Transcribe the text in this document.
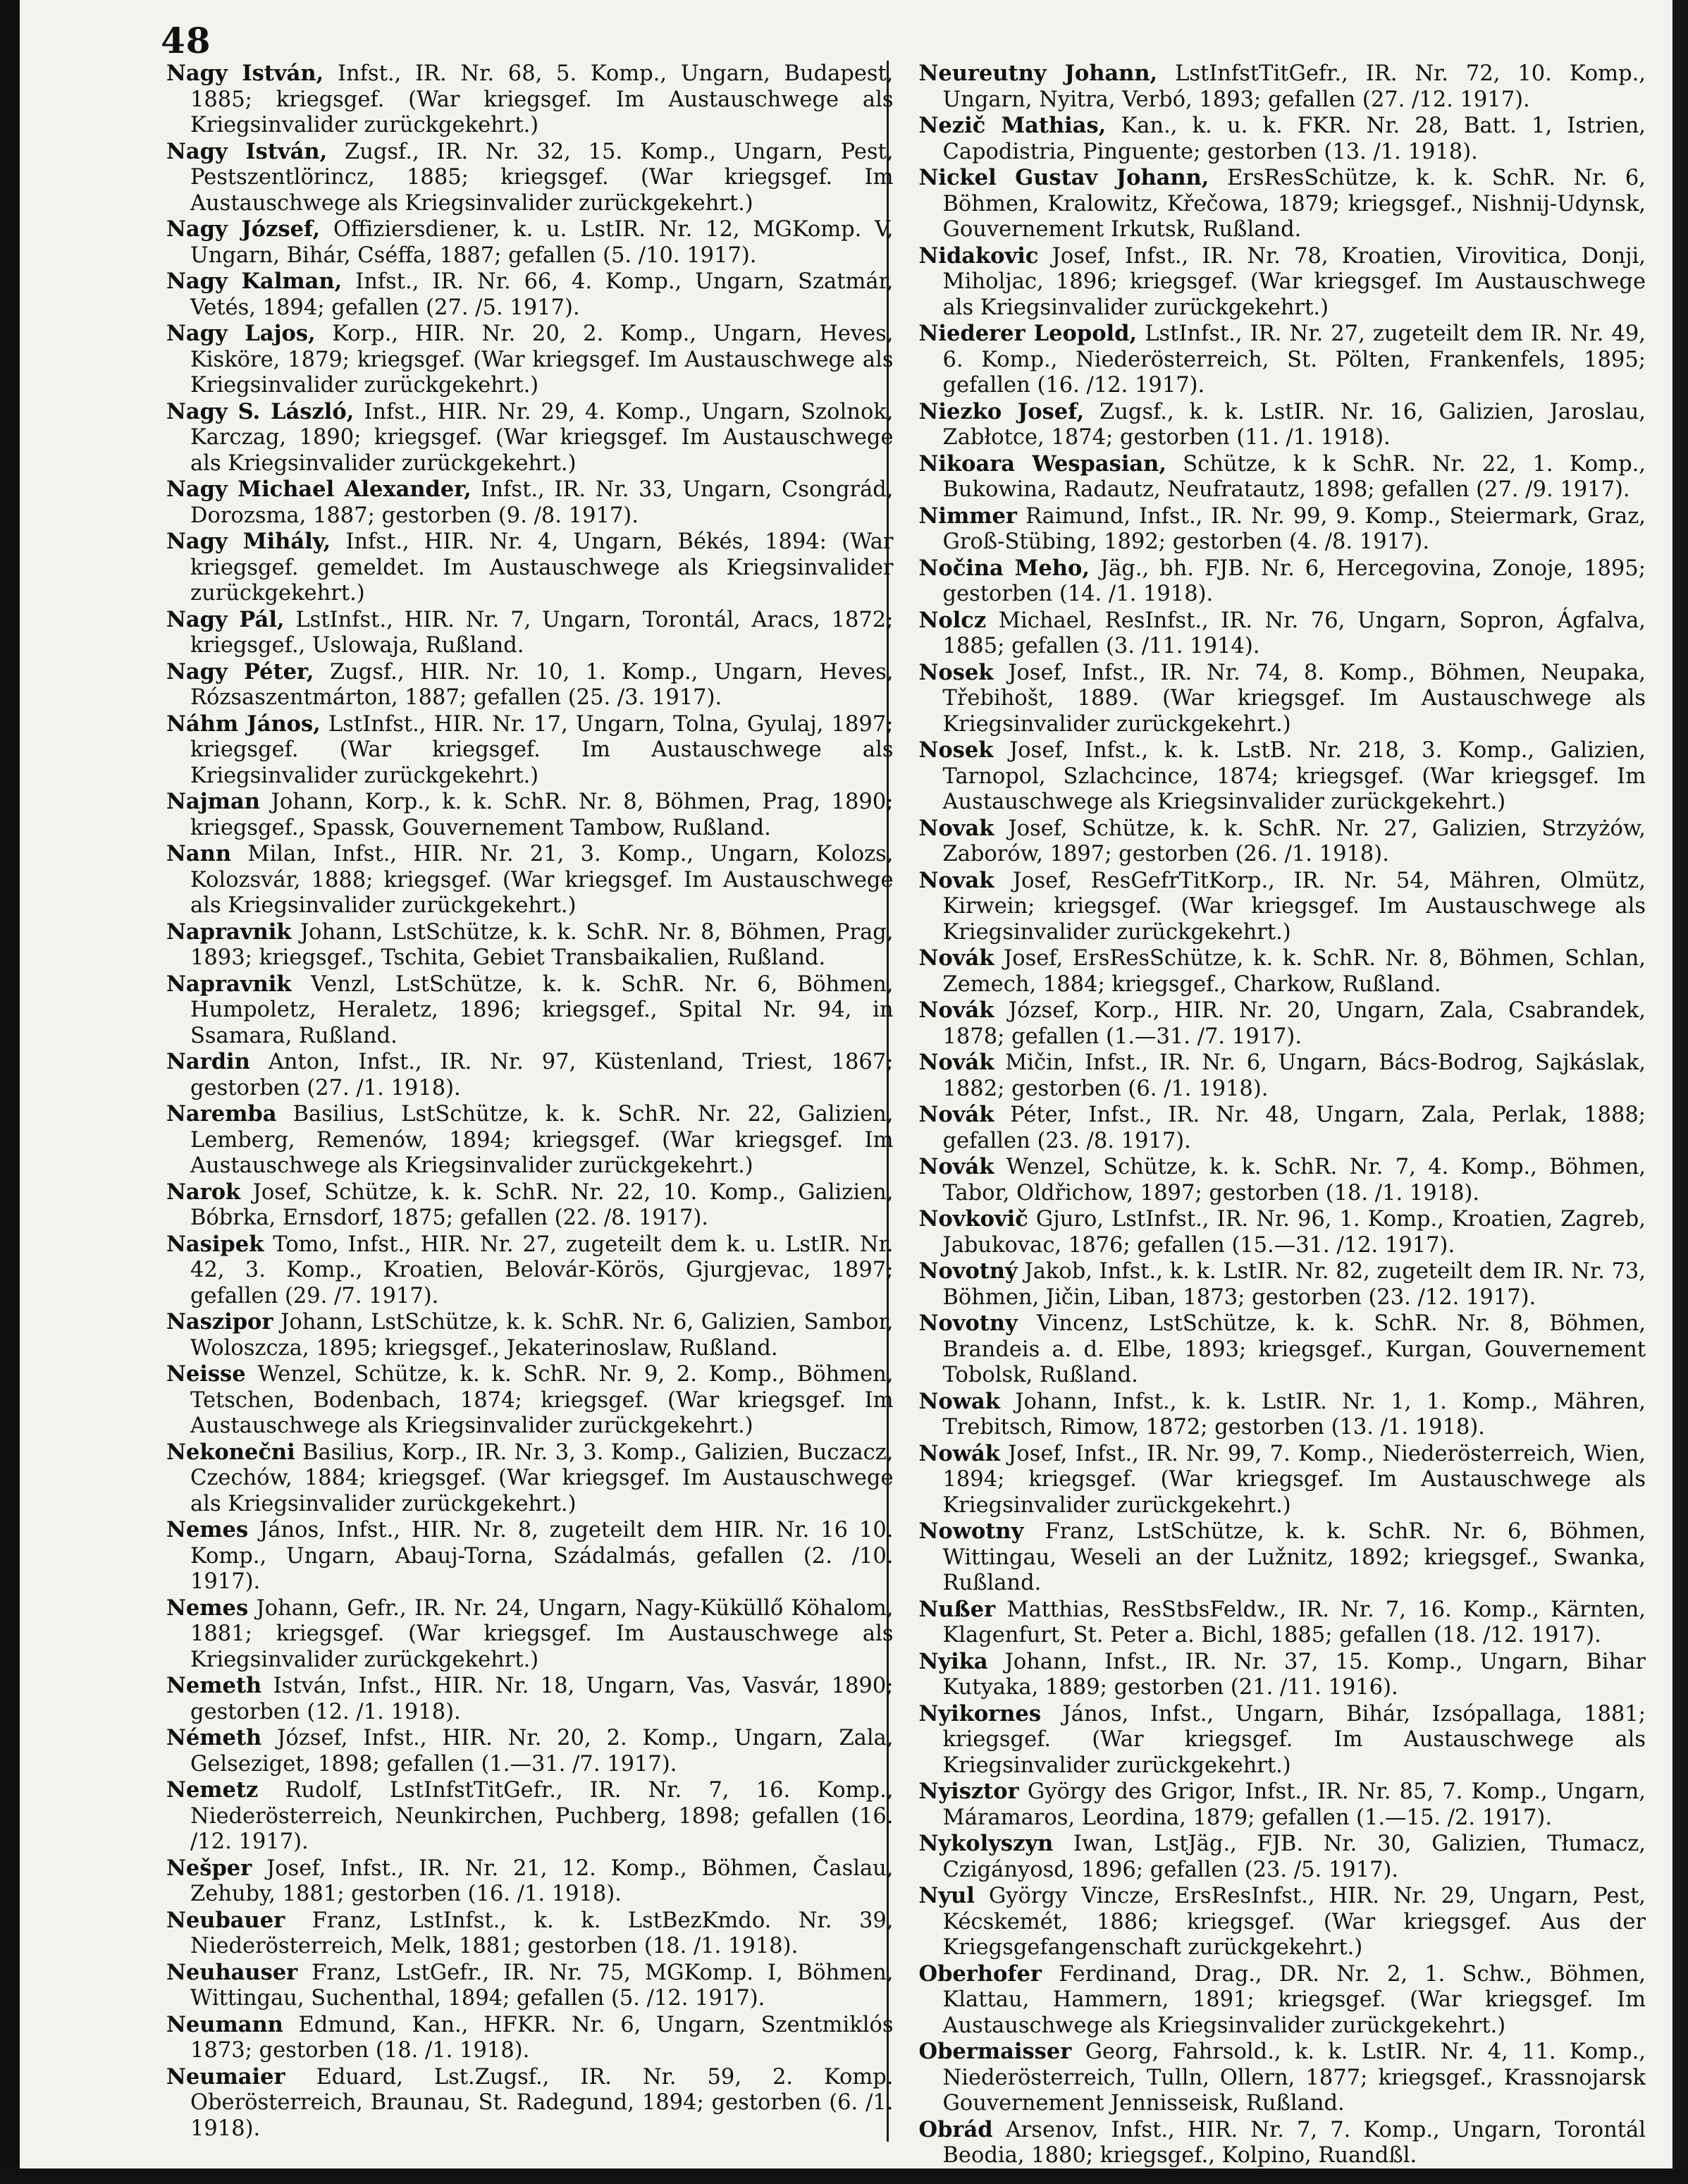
48

Nagy István, Infst., IR. Nr. 68, 5. Komp., Ungarn, Budapest, 1885; kriegsgef. (War kriegsgef. Im Austauschwege als Kriegsinvalider zurückgekehrt.)

Nagy István, Zugsf., IR. Nr. 32, 15. Komp., Ungarn, Pest, Pestszentlörincz, 1885; kriegsgef. (War kriegsgef. Im Austauschwege als Kriegsinvalider zurückgekehrt.)

Nagy József, Offiziersdiener, k. u. LstIR. Nr. 12, MGKomp. V, Ungarn, Bihár, Cséffa, 1887; gefallen (5. /10. 1917).

Nagy Kalman, Infst., IR. Nr. 66, 4. Komp., Ungarn, Szatmár, Vetés, 1894; gefallen (27. /5. 1917).

Nagy Lajos, Korp., HIR. Nr. 20, 2. Komp., Ungarn, Heves, Kisköre, 1879; kriegsgef. (War kriegsgef. Im Austauschwege als Kriegsinvalider zurückgekehrt.)

Nagy S. László, Infst., HIR. Nr. 29, 4. Komp., Ungarn, Szolnok, Karczag, 1890; kriegsgef. (War kriegsgef. Im Austauschwege als Kriegsinvalider zurückgekehrt.)

Nagy Michael Alexander, Infst., IR. Nr. 33, Ungarn, Csongrád, Dorozsma, 1887; gestorben (9. /8. 1917).

Nagy Mihály, Infst., HIR. Nr. 4, Ungarn, Békés, 1894: (War kriegsgef. gemeldet. Im Austauschwege als Kriegsinvalider zurückgekehrt.)

Nagy Pál, LstInfst., HIR. Nr. 7, Ungarn, Torontál, Aracs, 1872; kriegsgef., Uslowaja, Rußland.

Nagy Péter, Zugsf., HIR. Nr. 10, 1. Komp., Ungarn, Heves, Rózsaszentmárton, 1887; gefallen (25. /3. 1917).

Náhm János, LstInfst., HIR. Nr. 17, Ungarn, Tolna, Gyulaj, 1897; kriegsgef. (War kriegsgef. Im Austauschwege als Kriegsinvalider zurückgekehrt.)

Najman Johann, Korp., k. k. SchR. Nr. 8, Böhmen, Prag, 1890; kriegsgef., Spassk, Gouvernement Tambow, Rußland.

Nann Milan, Infst., HIR. Nr. 21, 3. Komp., Ungarn, Kolozs, Kolozsvár, 1888; kriegsgef. (War kriegsgef. Im Austauschwege als Kriegsinvalider zurückgekehrt.)

Napravnik Johann, LstSchütze, k. k. SchR. Nr. 8, Böhmen, Prag, 1893; kriegsgef., Tschita, Gebiet Transbaikalien, Rußland.

Napravnik Venzl, LstSchütze, k. k. SchR. Nr. 6, Böhmen, Humpoletz, Heraletz, 1896; kriegsgef., Spital Nr. 94, in Ssamara, Rußland.

Nardin Anton, Infst., IR. Nr. 97, Küstenland, Triest, 1867; gestorben (27. /1. 1918).

Naremba Basilius, LstSchütze, k. k. SchR. Nr. 22, Galizien, Lemberg, Remenów, 1894; kriegsgef. (War kriegsgef. Im Austauschwege als Kriegsinvalider zurückgekehrt.)

Narok Josef, Schütze, k. k. SchR. Nr. 22, 10. Komp., Galizien, Bóbrka, Ernsdorf, 1875; gefallen (22. /8. 1917).

Nasipek Tomo, Infst., HIR. Nr. 27, zugeteilt dem k. u. LstIR. Nr. 42, 3. Komp., Kroatien, Belovár-Körös, Gjurgjevac, 1897; gefallen (29. /7. 1917).

Naszipor Johann, LstSchütze, k. k. SchR. Nr. 6, Galizien, Sambor, Woloszcza, 1895; kriegsgef., Jekaterinoslaw, Rußland.

Neisse Wenzel, Schütze, k. k. SchR. Nr. 9, 2. Komp., Böhmen, Tetschen, Bodenbach, 1874; kriegsgef. (War kriegsgef. Im Austauschwege als Kriegsinvalider zurückgekehrt.)

Nekonečni Basilius, Korp., IR. Nr. 3, 3. Komp., Galizien, Buczacz, Czechów, 1884; kriegsgef. (War kriegsgef. Im Austauschwege als Kriegsinvalider zurückgekehrt.)

Nemes János, Infst., HIR. Nr. 8, zugeteilt dem HIR. Nr. 16 10. Komp., Ungarn, Abauj-Torna, Szádalmás, gefallen (2. /10. 1917).

Nemes Johann, Gefr., IR. Nr. 24, Ungarn, Nagy-Küküllő Köhalom, 1881; kriegsgef. (War kriegsgef. Im Austauschwege als Kriegsinvalider zurückgekehrt.)

Nemeth István, Infst., HIR. Nr. 18, Ungarn, Vas, Vasvár, 1890; gestorben (12. /1. 1918).

Németh József, Infst., HIR. Nr. 20, 2. Komp., Ungarn, Zala, Gelseziget, 1898; gefallen (1.—31. /7. 1917).

Nemetz Rudolf, LstInfstTitGefr., IR. Nr. 7, 16. Komp., Niederösterreich, Neunkirchen, Puchberg, 1898; gefallen (16. /12. 1917).

Nešper Josef, Infst., IR. Nr. 21, 12. Komp., Böhmen, Časlau, Zehuby, 1881; gestorben (16. /1. 1918).

Neubauer Franz, LstInfst., k. k. LstBezKmdo. Nr. 39, Niederösterreich, Melk, 1881; gestorben (18. /1. 1918).

Neuhauser Franz, LstGefr., IR. Nr. 75, MGKomp. I, Böhmen, Wittingau, Suchenthal, 1894; gefallen (5. /12. 1917).

Neumann Edmund, Kan., HFKR. Nr. 6, Ungarn, Szentmiklós 1873; gestorben (18. /1. 1918).

Neumaier Eduard, Lst.Zugsf., IR. Nr. 59, 2. Komp. Oberösterreich, Braunau, St. Radegund, 1894; gestorben (6. /1. 1918).

Neureutny Johann, LstInfstTitGefr., IR. Nr. 72, 10. Komp., Ungarn, Nyitra, Verbó, 1893; gefallen (27. /12. 1917).

Nezič Mathias, Kan., k. u. k. FKR. Nr. 28, Batt. 1, Istrien, Capodistria, Pinguente; gestorben (13. /1. 1918).

Nickel Gustav Johann, ErsResSchütze, k. k. SchR. Nr. 6, Böhmen, Kralowitz, Křečowa, 1879; kriegsgef., Nishnij-Udynsk, Gouvernement Irkutsk, Rußland.

Nidakovic Josef, Infst., IR. Nr. 78, Kroatien, Virovitica, Donji, Miholjac, 1896; kriegsgef. (War kriegsgef. Im Austauschwege als Kriegsinvalider zurückgekehrt.)

Niederer Leopold, LstInfst., IR. Nr. 27, zugeteilt dem IR. Nr. 49, 6. Komp., Niederösterreich, St. Pölten, Frankenfels, 1895; gefallen (16. /12. 1917).

Niezko Josef, Zugsf., k. k. LstIR. Nr. 16, Galizien, Jaroslau, Zabłotce, 1874; gestorben (11. /1. 1918).

Nikoara Wespasian, Schütze, k k SchR. Nr. 22, 1. Komp., Bukowina, Radautz, Neufratautz, 1898; gefallen (27. /9. 1917).

Nimmer Raimund, Infst., IR. Nr. 99, 9. Komp., Steiermark, Graz, Groß-Stübing, 1892; gestorben (4. /8. 1917).

Nočina Meho, Jäg., bh. FJB. Nr. 6, Hercegovina, Zonoje, 1895; gestorben (14. /1. 1918).

Nolcz Michael, ResInfst., IR. Nr. 76, Ungarn, Sopron, Ágfalva, 1885; gefallen (3. /11. 1914).

Nosek Josef, Infst., IR. Nr. 74, 8. Komp., Böhmen, Neupaka, Třebihošt, 1889. (War kriegsgef. Im Austauschwege als Kriegsinvalider zurückgekehrt.)

Nosek Josef, Infst., k. k. LstB. Nr. 218, 3. Komp., Galizien, Tarnopol, Szlachcince, 1874; kriegsgef. (War kriegsgef. Im Austauschwege als Kriegsinvalider zurückgekehrt.)

Novak Josef, Schütze, k. k. SchR. Nr. 27, Galizien, Strzyżów, Zaborów, 1897; gestorben (26. /1. 1918).

Novak Josef, ResGefrTitKorp., IR. Nr. 54, Mähren, Olmütz, Kirwein; kriegsgef. (War kriegsgef. Im Austauschwege als Kriegsinvalider zurückgekehrt.)

Novák Josef, ErsResSchütze, k. k. SchR. Nr. 8, Böhmen, Schlan, Zemech, 1884; kriegsgef., Charkow, Rußland.

Novák József, Korp., HIR. Nr. 20, Ungarn, Zala, Csabrandek, 1878; gefallen (1.—31. /7. 1917).

Novák Mičin, Infst., IR. Nr. 6, Ungarn, Bács-Bodrog, Sajkáslak, 1882; gestorben (6. /1. 1918).

Novák Péter, Infst., IR. Nr. 48, Ungarn, Zala, Perlak, 1888; gefallen (23. /8. 1917).

Novák Wenzel, Schütze, k. k. SchR. Nr. 7, 4. Komp., Böhmen, Tabor, Oldřichow, 1897; gestorben (18. /1. 1918).

Novkovič Gjuro, LstInfst., IR. Nr. 96, 1. Komp., Kroatien, Zagreb, Jabukovac, 1876; gefallen (15.—31. /12. 1917).

Novotný Jakob, Infst., k. k. LstIR. Nr. 82, zugeteilt dem IR. Nr. 73, Böhmen, Jičin, Liban, 1873; gestorben (23. /12. 1917).

Novotny Vincenz, LstSchütze, k. k. SchR. Nr. 8, Böhmen, Brandeis a. d. Elbe, 1893; kriegsgef., Kurgan, Gouvernement Tobolsk, Rußland.

Nowak Johann, Infst., k. k. LstIR. Nr. 1, 1. Komp., Mähren, Trebitsch, Rimow, 1872; gestorben (13. /1. 1918).

Nowák Josef, Infst., IR. Nr. 99, 7. Komp., Niederösterreich, Wien, 1894; kriegsgef. (War kriegsgef. Im Austauschwege als Kriegsinvalider zurückgekehrt.)

Nowotny Franz, LstSchütze, k. k. SchR. Nr. 6, Böhmen, Wittingau, Weseli an der Lužnitz, 1892; kriegsgef., Swanka, Rußland.

Nußer Matthias, ResStbsFeldw., IR. Nr. 7, 16. Komp., Kärnten, Klagenfurt, St. Peter a. Bichl, 1885; gefallen (18. /12. 1917).

Nyika Johann, Infst., IR. Nr. 37, 15. Komp., Ungarn, Bihar Kutyaka, 1889; gestorben (21. /11. 1916).

Nyikornes János, Infst., Ungarn, Bihár, Izsópallaga, 1881; kriegsgef. (War kriegsgef. Im Austauschwege als Kriegsinvalider zurückgekehrt.)

Nyisztor György des Grigor, Infst., IR. Nr. 85, 7. Komp., Ungarn, Máramaros, Leordina, 1879; gefallen (1.—15. /2. 1917).

Nykolyszyn Iwan, LstJäg., FJB. Nr. 30, Galizien, Tłumacz, Czigányosd, 1896; gefallen (23. /5. 1917).

Nyul György Vincze, ErsResInfst., HIR. Nr. 29, Ungarn, Pest, Kécskemét, 1886; kriegsgef. (War kriegsgef. Aus der Kriegsgefangenschaft zurückgekehrt.)

Oberhofer Ferdinand, Drag., DR. Nr. 2, 1. Schw., Böhmen, Klattau, Hammern, 1891; kriegsgef. (War kriegsgef. Im Austauschwege als Kriegsinvalider zurückgekehrt.)

Obermaisser Georg, Fahrsold., k. k. LstIR. Nr. 4, 11. Komp., Niederösterreich, Tulln, Ollern, 1877; kriegsgef., Krassnojarsk Gouvernement Jennisseisk, Rußland.

Obrád Arsenov, Infst., HIR. Nr. 7, 7. Komp., Ungarn, Torontál Beodia, 1880; kriegsgef., Kolpino, Ruandßl.
